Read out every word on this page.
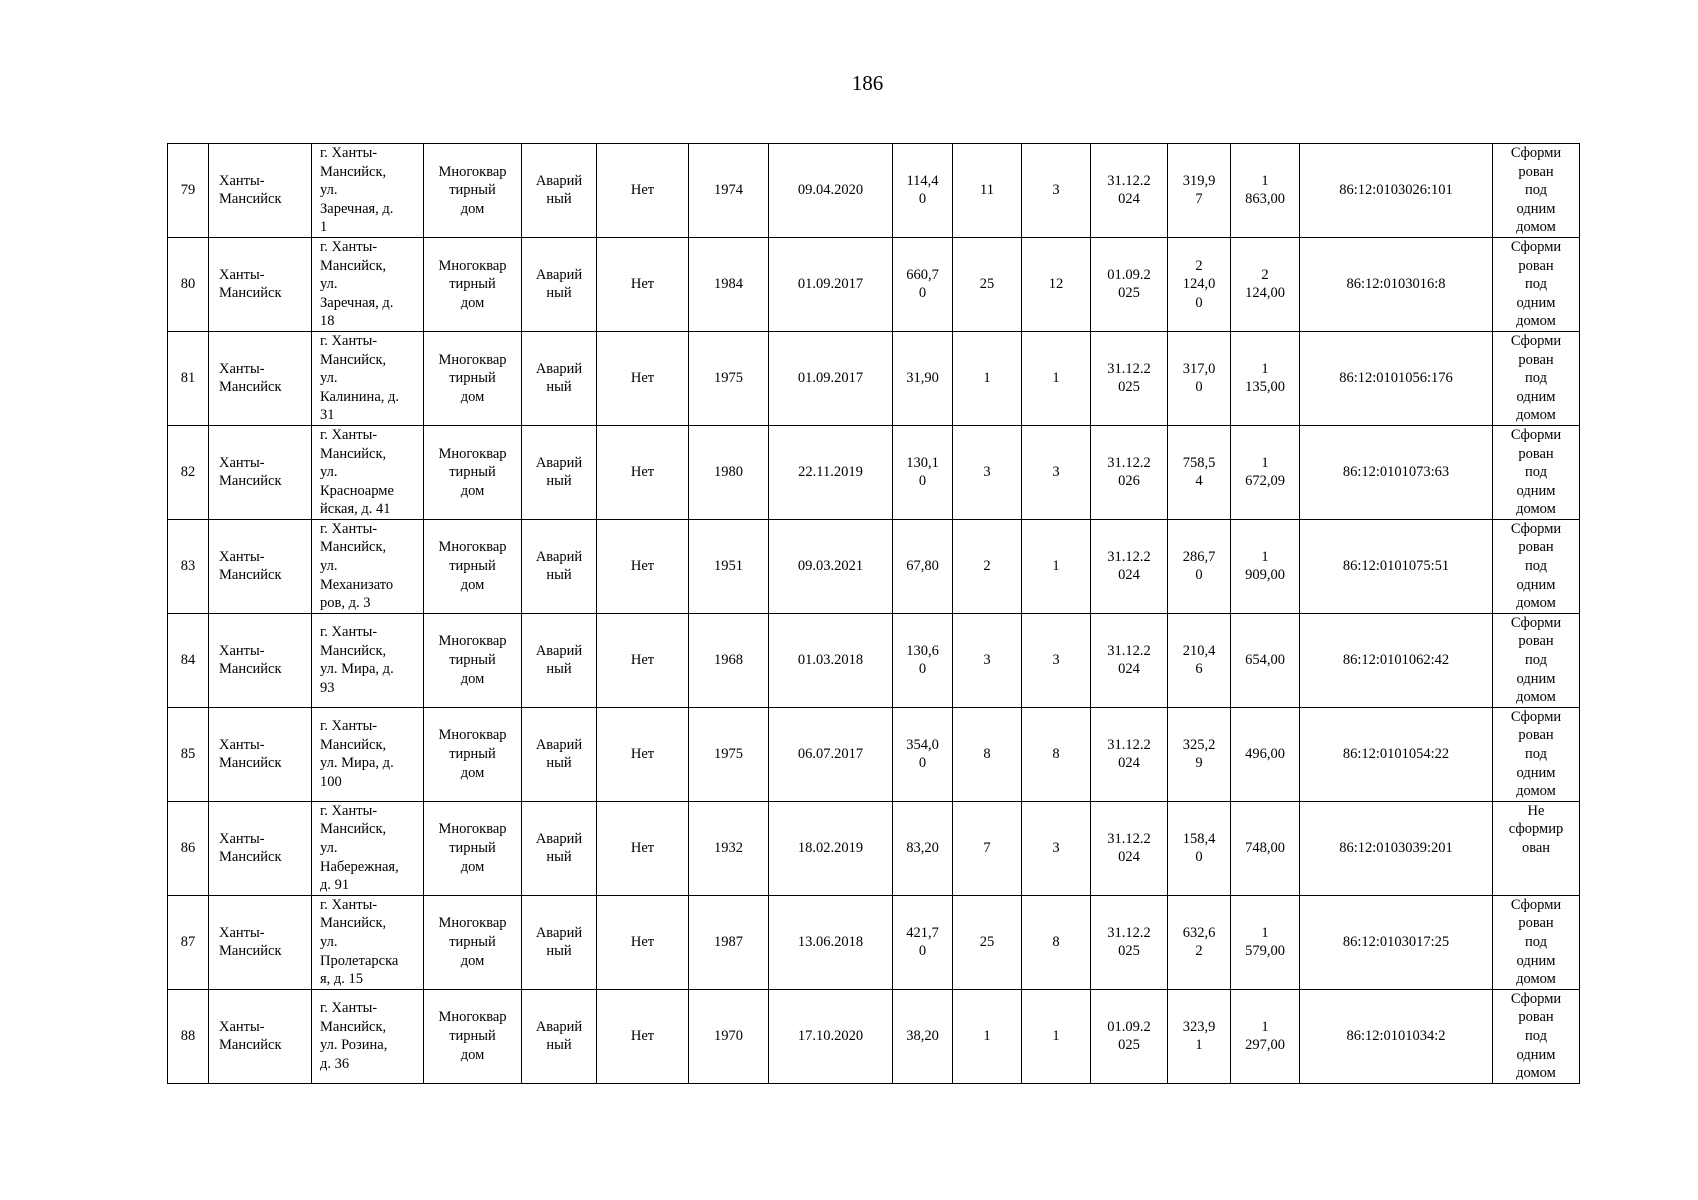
186
79	Ханты-
Мансийск	г. Ханты-
Мансийск,
ул.
Заречная, д.
1	Многоквар
тирный
дом	Аварий
ный	Нет	1974	09.04.2020	114,4
0	11	3	31.12.2
024	319,9
7	1
863,00	86:12:0103026:101	Сформи
рован
под
одним
домом
80	Ханты-
Мансийск	г. Ханты-
Мансийск,
ул.
Заречная, д.
18	Многоквар
тирный
дом	Аварий
ный	Нет	1984	01.09.2017	660,7
0	25	12	01.09.2
025	2
124,0
0	2
124,00	86:12:0103016:8	Сформи
рован
под
одним
домом
81	Ханты-
Мансийск	г. Ханты-
Мансийск,
ул.
Калинина, д.
31	Многоквар
тирный
дом	Аварий
ный	Нет	1975	01.09.2017	31,90	1	1	31.12.2
025	317,0
0	1
135,00	86:12:0101056:176	Сформи
рован
под
одним
домом
82	Ханты-
Мансийск	г. Ханты-
Мансийск,
ул.
Красноарме
йская, д. 41	Многоквар
тирный
дом	Аварий
ный	Нет	1980	22.11.2019	130,1
0	3	3	31.12.2
026	758,5
4	1
672,09	86:12:0101073:63	Сформи
рован
под
одним
домом
83	Ханты-
Мансийск	г. Ханты-
Мансийск,
ул.
Механизато
ров, д. 3	Многоквар
тирный
дом	Аварий
ный	Нет	1951	09.03.2021	67,80	2	1	31.12.2
024	286,7
0	1
909,00	86:12:0101075:51	Сформи
рован
под
одним
домом
84	Ханты-
Мансийск	г. Ханты-
Мансийск,
ул. Мира, д.
93	Многоквар
тирный
дом	Аварий
ный	Нет	1968	01.03.2018	130,6
0	3	3	31.12.2
024	210,4
6	654,00	86:12:0101062:42	Сформи
рован
под
одним
домом
85	Ханты-
Мансийск	г. Ханты-
Мансийск,
ул. Мира, д.
100	Многоквар
тирный
дом	Аварий
ный	Нет	1975	06.07.2017	354,0
0	8	8	31.12.2
024	325,2
9	496,00	86:12:0101054:22	Сформи
рован
под
одним
домом
86	Ханты-
Мансийск	г. Ханты-
Мансийск,
ул.
Набережная,
д. 91	Многоквар
тирный
дом	Аварий
ный	Нет	1932	18.02.2019	83,20	7	3	31.12.2
024	158,4
0	748,00	86:12:0103039:201	Не
сформир
ован
87	Ханты-
Мансийск	г. Ханты-
Мансийск,
ул.
Пролетарска
я, д. 15	Многоквар
тирный
дом	Аварий
ный	Нет	1987	13.06.2018	421,7
0	25	8	31.12.2
025	632,6
2	1
579,00	86:12:0103017:25	Сформи
рован
под
одним
домом
88	Ханты-
Мансийск	г. Ханты-
Мансийск,
ул. Розина,
д. 36	Многоквар
тирный
дом	Аварий
ный	Нет	1970	17.10.2020	38,20	1	1	01.09.2
025	323,9
1	1
297,00	86:12:0101034:2	Сформи
рован
под
одним
домом
